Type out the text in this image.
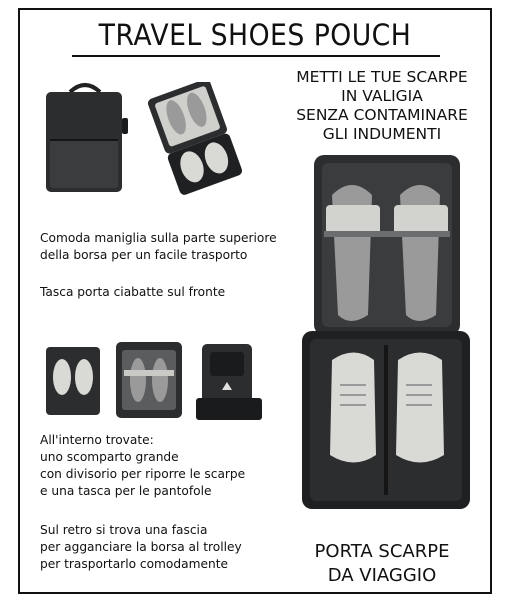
TRAVEL SHOES POUCH
METTI LE TUE SCARPE
IN VALIGIA
SENZA CONTAMINARE
GLI INDUMENTI
Comoda maniglia sulla parte superiore
della borsa per un facile trasporto
Tasca porta ciabatte sul fronte
All'interno trovate:
uno scomparto grande
con divisorio per riporre le scarpe
e una tasca per le pantofole
Sul retro si trova una fascia
per agganciare la borsa al trolley
per trasportarlo comodamente
PORTA SCARPE
DA VIAGGIO
